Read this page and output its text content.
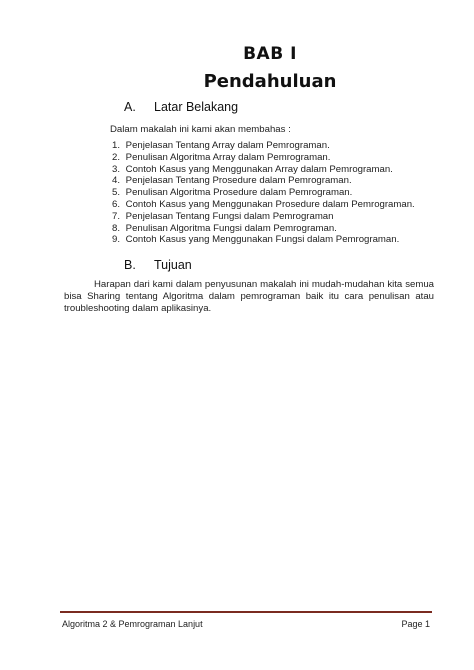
BAB I
Pendahuluan
A.	Latar Belakang
Dalam makalah ini kami akan membahas :
1. Penjelasan Tentang Array dalam Pemrograman.
2. Penulisan Algoritma Array dalam Pemrograman.
3. Contoh Kasus yang Menggunakan Array dalam Pemrograman.
4. Penjelasan Tentang Prosedure dalam Pemrograman.
5. Penulisan Algoritma Prosedure dalam Pemrograman.
6. Contoh Kasus yang Menggunakan Prosedure dalam Pemrograman.
7. Penjelasan Tentang Fungsi dalam Pemrograman
8. Penulisan Algoritma Fungsi dalam Pemrograman.
9. Contoh Kasus yang Menggunakan Fungsi dalam Pemrograman.
B.	Tujuan

Harapan dari kami dalam penyusunan makalah ini mudah-mudahan kita semua bisa Sharing tentang Algoritma dalam pemrograman baik itu cara penulisan atau troubleshooting dalam aplikasinya.

Algoritma 2 & Pemrograman Lanjut	Page 1
